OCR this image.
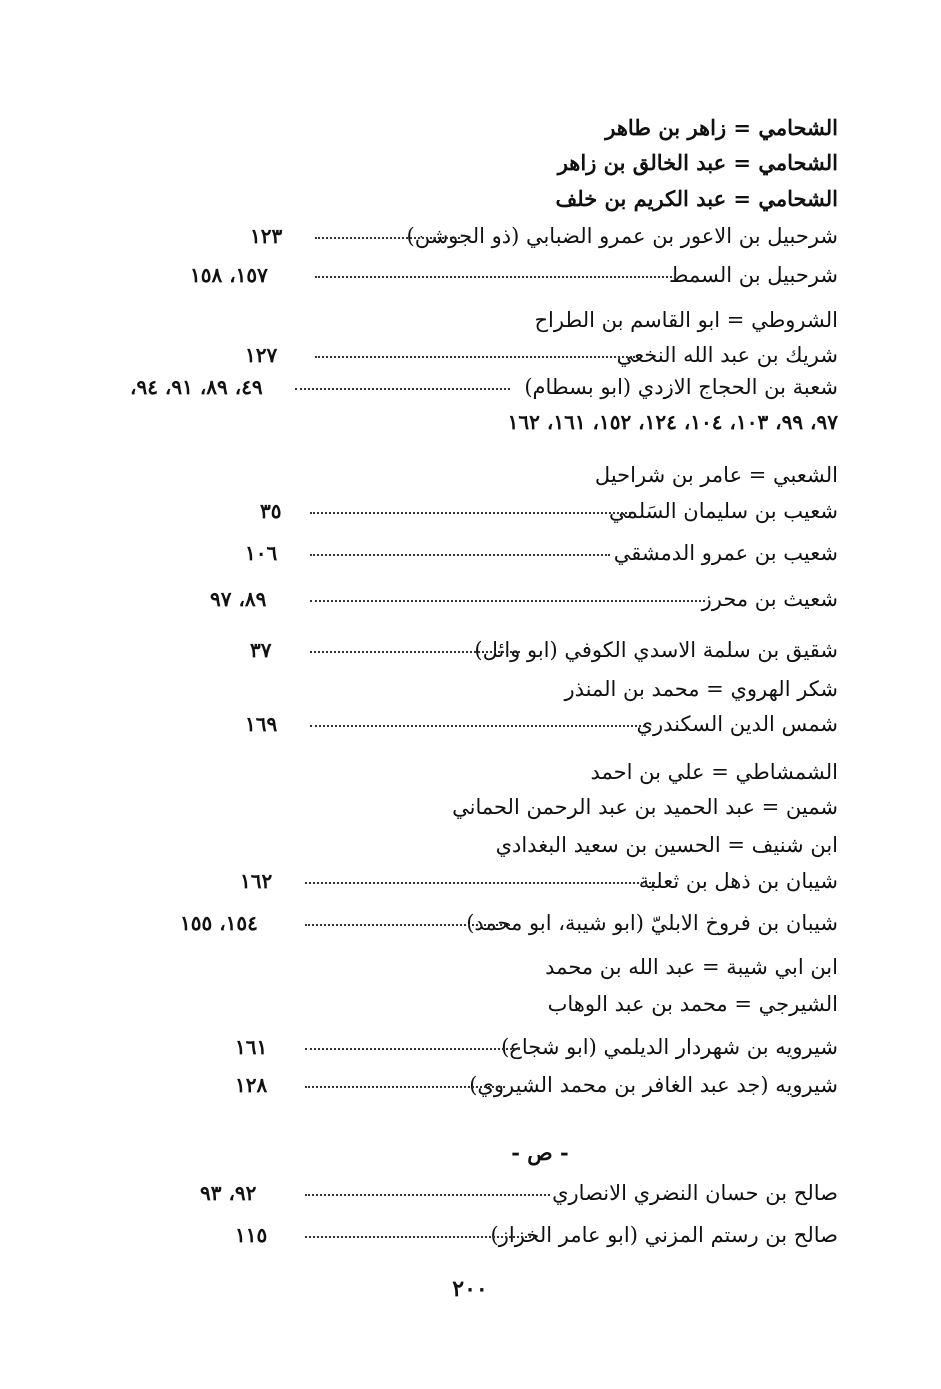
الشحامي = زاهر بن طاهر
الشحامي = عبد الخالق بن زاهر
الشحامي = عبد الكريم بن خلف
شرحبيل بن الاعور بن عمرو الضبابي (ذو الجوشن)
١٢٣
شرحبيل بن السمط
١٥٧، ١٥٨
الشروطي = ابو القاسم بن الطراح
شريك بن عبد الله النخعي
١٢٧
شعبة بن الحجاج الازدي (ابو بسطام)
٤٩، ٨٩، ٩١، ٩٤،
٩٧، ٩٩، ١٠٣، ١٠٤، ١٢٤، ١٥٢، ١٦١، ١٦٢
الشعبي = عامر بن شراحيل
شعيب بن سليمان السَلمي
٣٥
شعيب بن عمرو الدمشقي
١٠٦
شعيث بن محرز
٨٩، ٩٧
شقيق بن سلمة الاسدي الكوفي (ابو وائل)
٣٧
شكر الهروي = محمد بن المنذر
شمس الدين السكندري
١٦٩
الشمشاطي = علي بن احمد
شمين = عبد الحميد بن عبد الرحمن الحماني
ابن شنيف = الحسين بن سعيد البغدادي
شيبان بن ذهل بن ثعلبة
١٦٢
شيبان بن فروخ الابليّ (ابو شيبة، ابو محمد)
١٥٤، ١٥٥
ابن ابي شيبة = عبد الله بن محمد
الشيرجي = محمد بن عبد الوهاب
شيرويه بن شهردار الديلمي (ابو شجاع)
١٦١
شيرويه (جد عبد الغافر بن محمد الشيروي)
١٢٨
- ص -
صالح بن حسان النضري الانصاري
٩٢، ٩٣
صالح بن رستم المزني (ابو عامر الخزاز)
١١٥
٢٠٠
